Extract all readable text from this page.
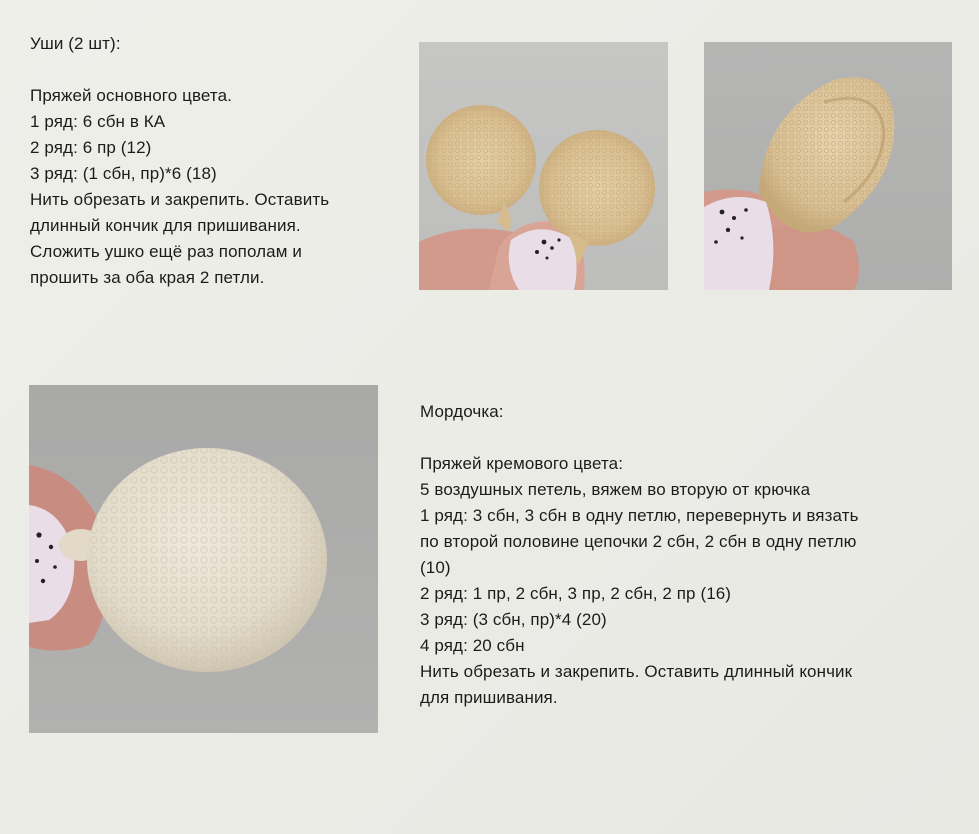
Уши (2 шт):
Пряжей основного цвета.
1 ряд: 6 сбн в КА
2 ряд: 6 пр (12)
3 ряд: (1 сбн, пр)*6 (18)
Нить обрезать и закрепить. Оставить
длинный кончик для пришивания.
Сложить ушко ещё раз пополам и
прошить за оба края 2 петли.
Мордочка:
Пряжей кремового цвета:
5 воздушных петель, вяжем во вторую от крючка
1 ряд: 3 сбн, 3 сбн в одну петлю, перевернуть и вязать
по второй половине цепочки 2 сбн, 2 сбн в одну петлю
(10)
2 ряд: 1 пр, 2 сбн, 3 пр, 2 сбн, 2 пр (16)
3 ряд: (3 сбн, пр)*4 (20)
4 ряд: 20 сбн
Нить обрезать и закрепить. Оставить длинный кончик
для пришивания.
